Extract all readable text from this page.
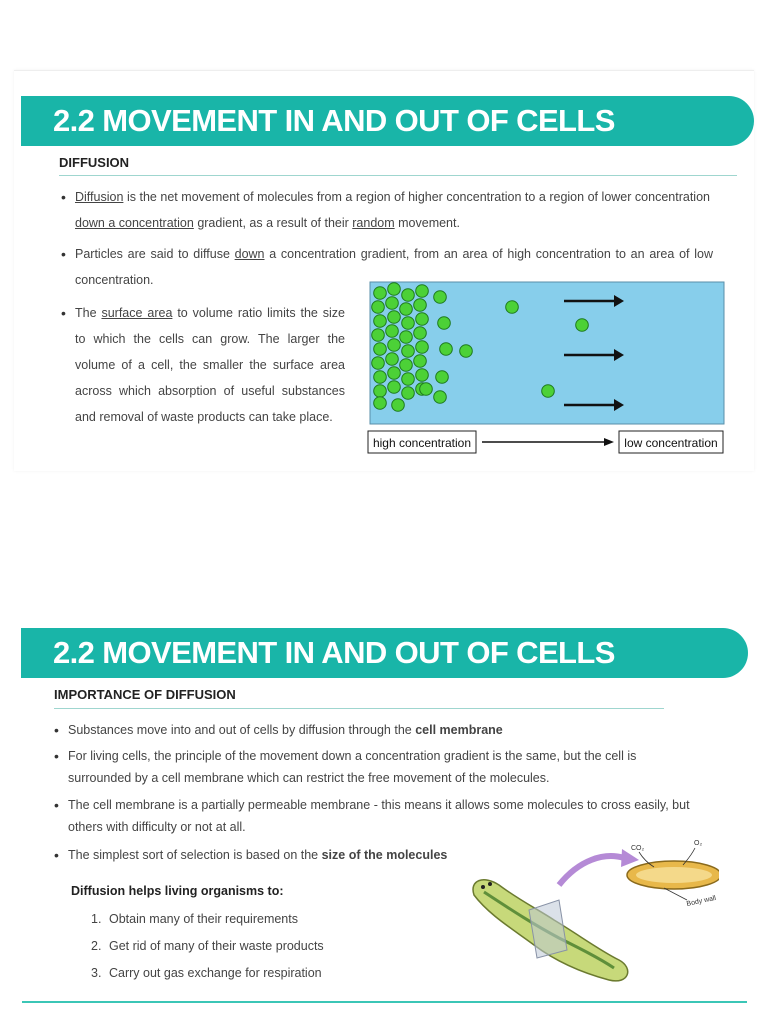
2.2 MOVEMENT IN AND OUT OF CELLS
DIFFUSION
• Diffusion is the net movement of molecules from a region of higher concentration to a region of lower concentration down a concentration gradient, as a result of their random movement.
• Particles are said to diffuse down a concentration gradient, from an area of high concentration to an area of low concentration.
• The surface area to volume ratio limits the size to which the cells can grow. The larger the volume of a cell, the smaller the surface area across which absorption of useful substances and removal of waste products can take place.
high concentration	low concentration
2.2 MOVEMENT IN AND OUT OF CELLS
IMPORTANCE OF DIFFUSION
• Substances move into and out of cells by diffusion through the cell membrane
• For living cells, the principle of the movement down a concentration gradient is the same, but the cell is surrounded by a cell membrane which can restrict the free movement of the molecules.
• The cell membrane is a partially permeable membrane - this means it allows some molecules to cross easily, but others with difficulty or not at all.
• The simplest sort of selection is based on the size of the molecules
Diffusion helps living organisms to:
1. Obtain many of their requirements
2. Get rid of many of their waste products
3. Carry out gas exchange for respiration
CO₂
O₂
Body wall
